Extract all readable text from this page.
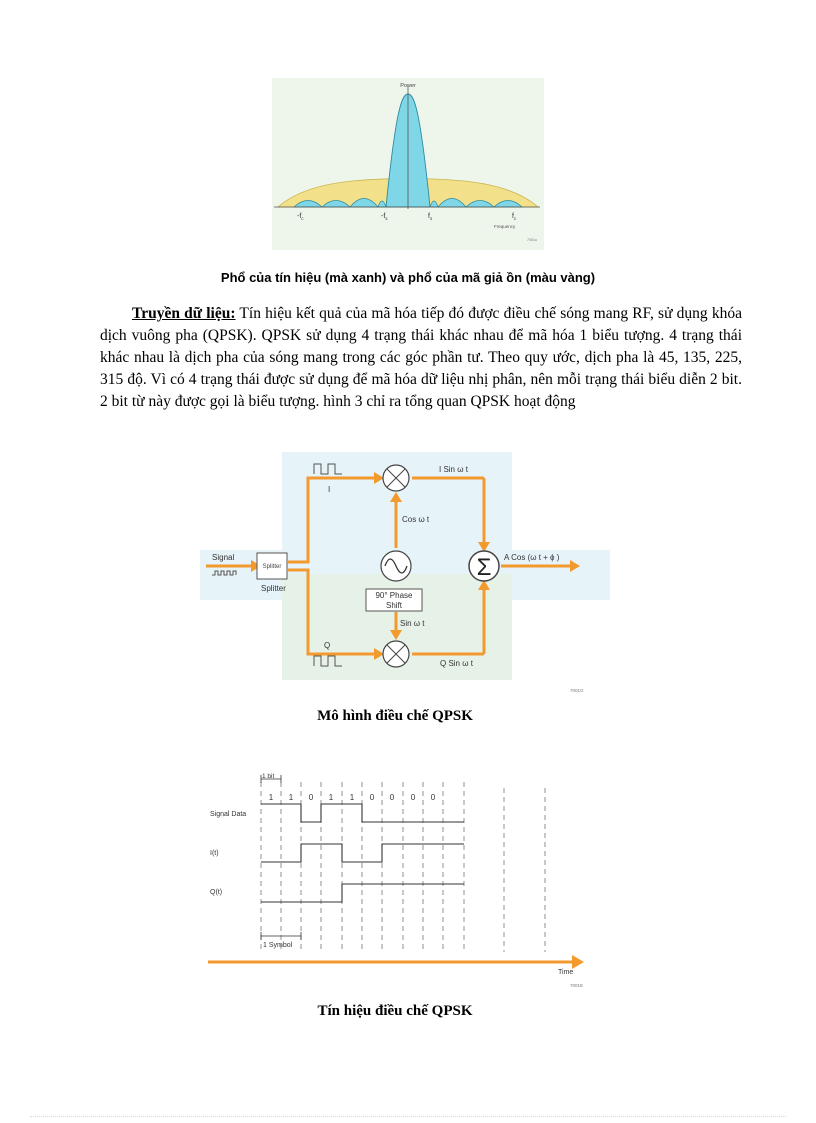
Power
$-f_c$	$-f_s$	$f_s$	$f_c$
Frequency
7001a
Phổ của tín hiệu (mà xanh) và phổ của mã giả ồn (màu vàng)
Truyền dữ liệu: Tín hiệu kết quả của mã hóa tiếp đó được điều chế sóng mang RF, sử dụng khóa dịch vuông pha (QPSK). QPSK sử dụng 4 trạng thái khác nhau để mã hóa 1 biểu tượng. 4 trạng thái khác nhau là dịch pha của sóng mang trong các góc phần tư. Theo quy ước, dịch pha là 45, 135, 225, 315 độ. Vì có 4 trạng thái được sử dụng để mã hóa dữ liệu nhị phân, nên mỗi trạng thái biểu diễn 2 bit. 2 bit từ này được gọi là biểu tượng. hình 3 chỉ ra tổng quan QPSK hoạt động
Σ
Splitter
90° Phase
Shift
Signal
Splitter
I
Q
I Sin ω t
Cos ω t
Sin ω t
Q Sin ω t
A Cos (ω t + ϕ )
7001G
Mô hình điều chế QPSK
1 bit
1 Symbol
1 1 0 1 1 0 0 0 0
Signal Data
I(t)
Q(t)
Time
7001E
Tín hiệu điều chế QPSK
